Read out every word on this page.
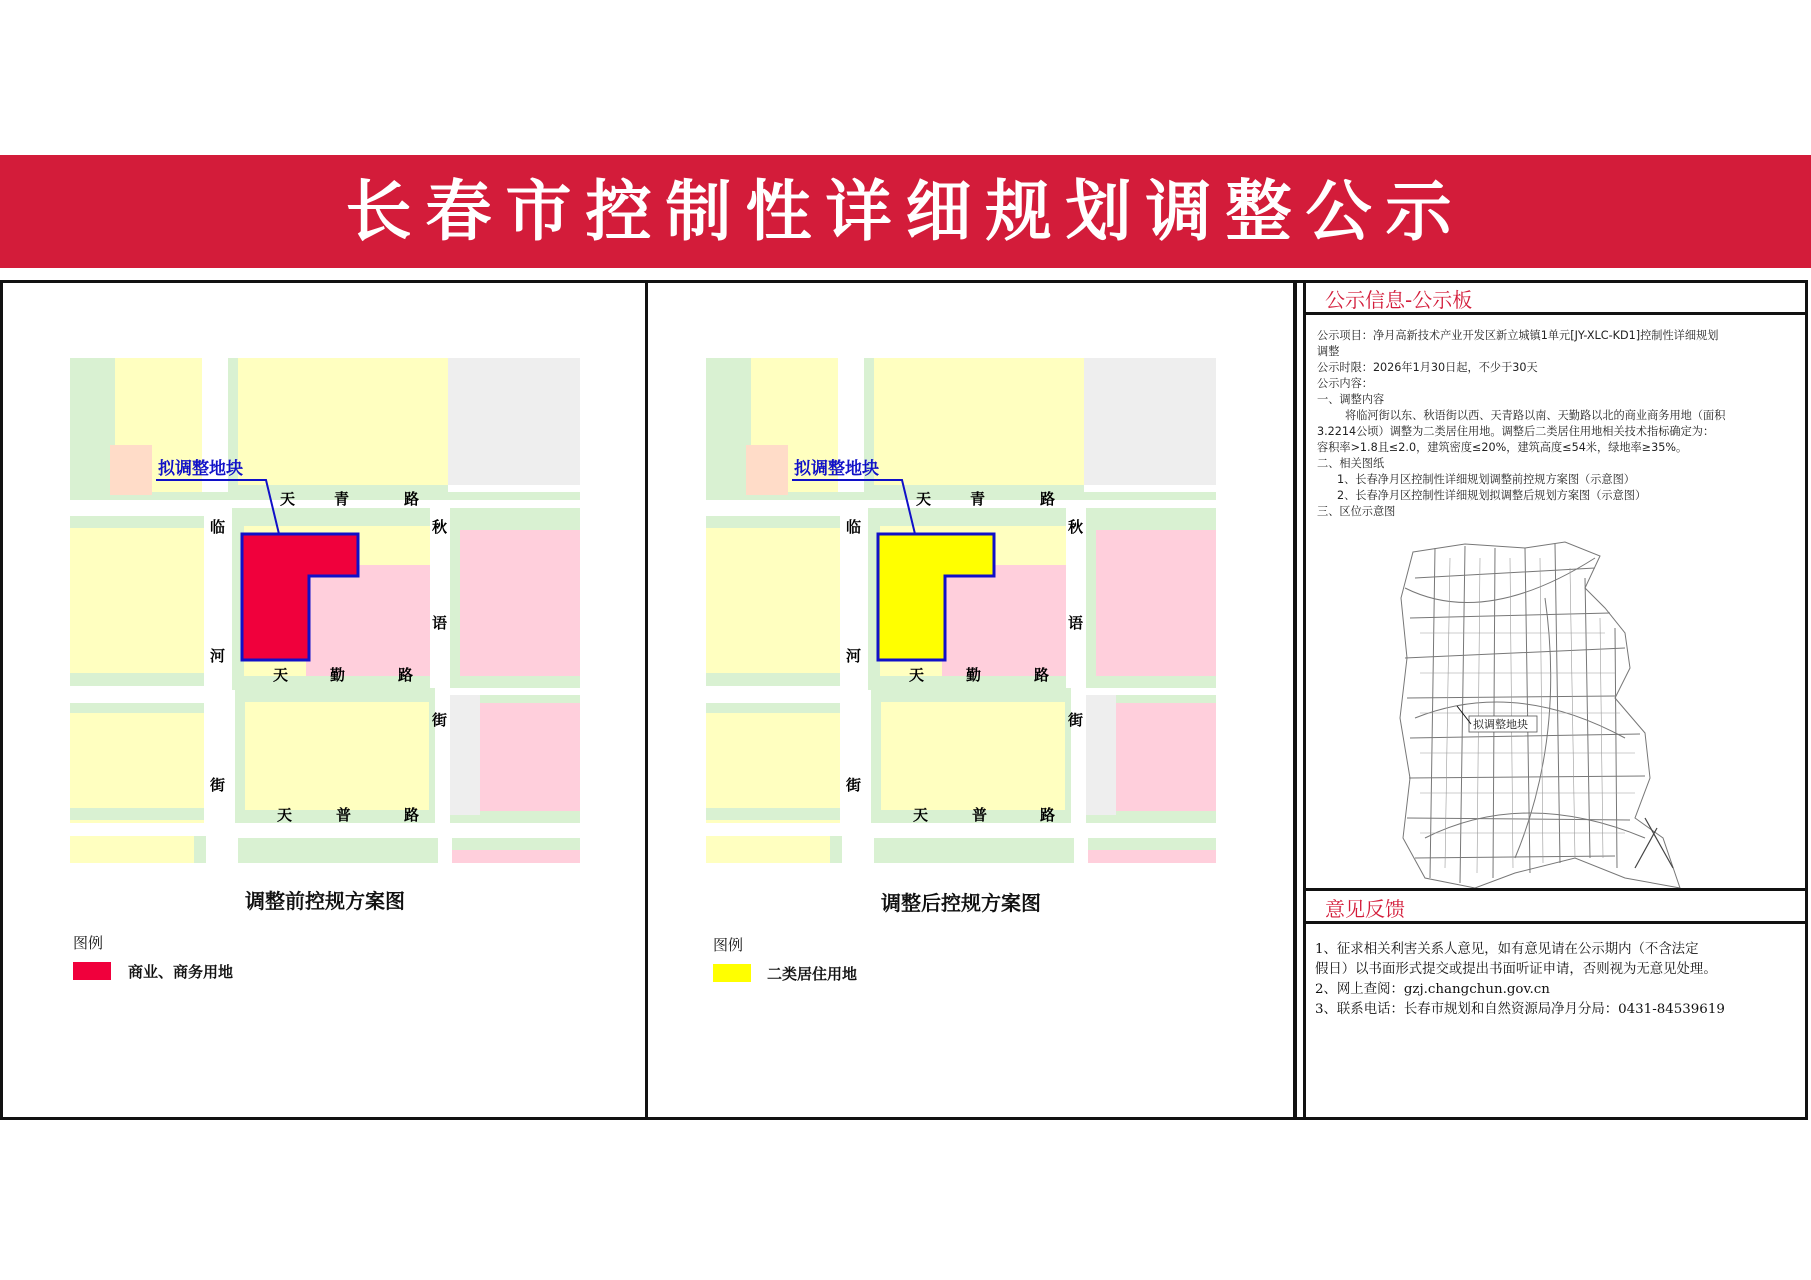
长春市控制性详细规划调整公示
拟调整地块
天	青	路
天	勤	路
天	普	路
临
河
街
秋
语
街
调整前控规方案图
图例
商业、商务用地
拟调整地块
天	青	路
天	勤	路
天	普	路
临
河
街
秋
语
街
调整后控规方案图
图例
二类居住用地
公示信息-公示板
公示项目：净月高新技术产业开发区新立城镇1单元[JY-XLC-KD1]控制性详细规划
调整
公示时限：2026年1月30日起，不少于30天
公示内容：
一、调整内容
将临河街以东、秋语街以西、天青路以南、天勤路以北的商业商务用地（面积
3.2214公顷）调整为二类居住用地。调整后二类居住用地相关技术指标确定为：
容积率>1.8且≤2.0，建筑密度≤20%，建筑高度≤54米，绿地率≥35%。
二、相关图纸
1、长春净月区控制性详细规划调整前控规方案图（示意图）
2、长春净月区控制性详细规划拟调整后规划方案图（示意图）
三、区位示意图
拟调整地块
意见反馈
1、征求相关利害关系人意见，如有意见请在公示期内（不含法定
假日）以书面形式提交或提出书面听证申请，否则视为无意见处理。
2、网上查阅：gzj.changchun.gov.cn
3、联系电话：长春市规划和自然资源局净月分局：0431-84539619
